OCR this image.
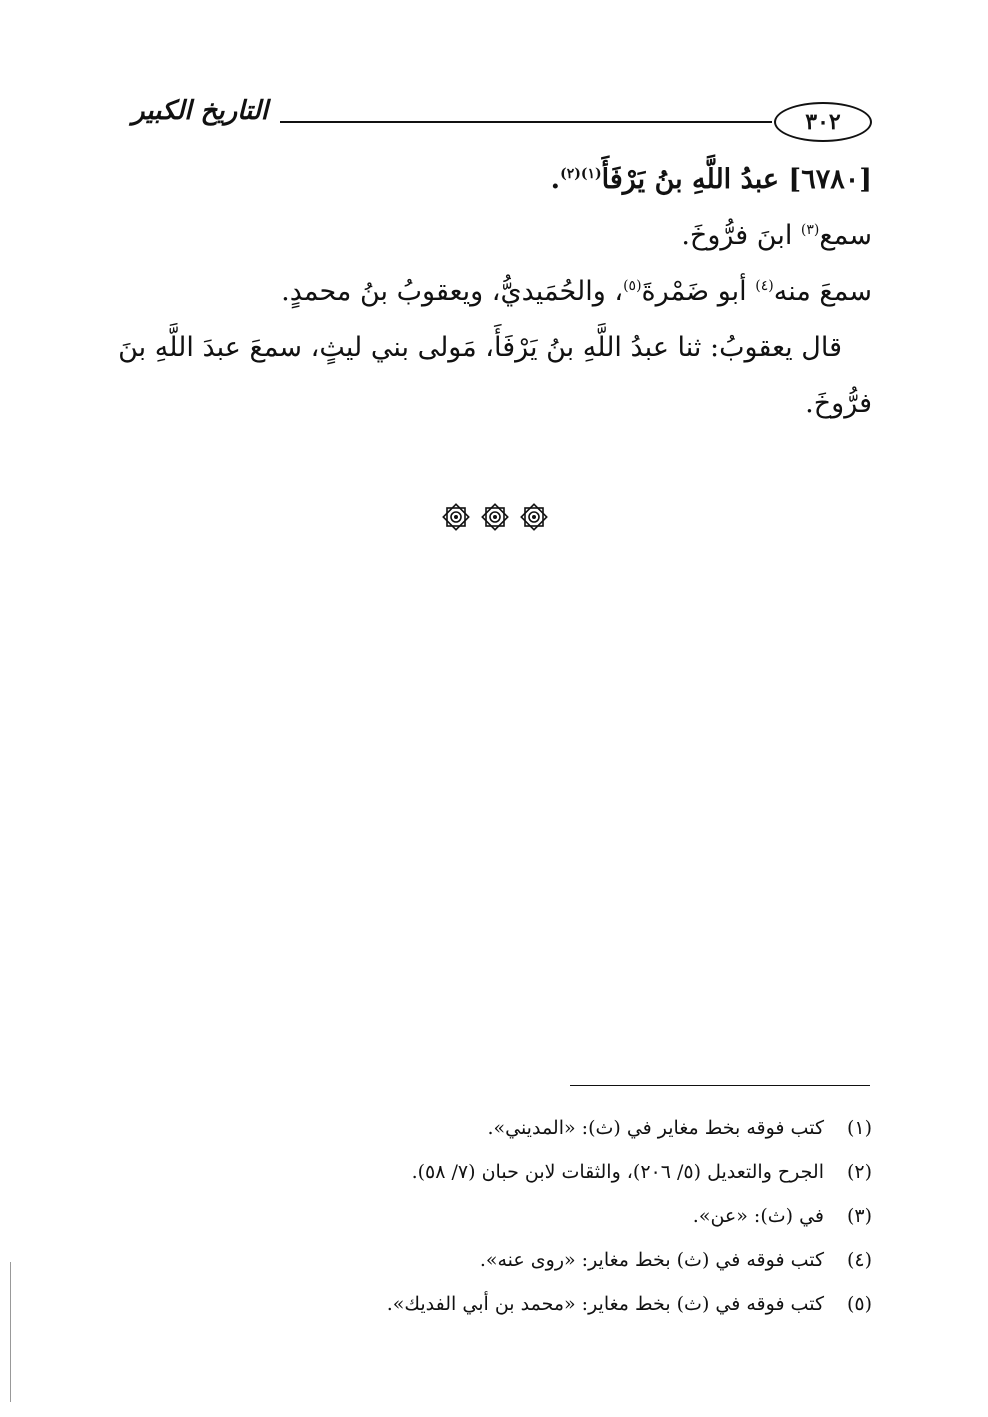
٣٠٢
التاريخ الكبير

[٦٧٨٠] عبدُ اللَّهِ بنُ يَرْفَأَ$^{(١)(٢)}$.

سمع$^{(٣)}$ ابنَ فرُّوخَ.

سمعَ منه$^{(٤)}$ أبو ضَمْرةَ$^{(٥)}$، والحُمَيديُّ، ويعقوبُ بنُ محمدٍ.

قال يعقوبُ: ثنا عبدُ اللَّهِ بنُ يَرْفَأَ، مَولى بني ليثٍ، سمعَ عبدَ اللَّهِ بنَ فرُّوخَ.

(١)
كتب فوقه بخط مغاير في (ث): «المديني».
(٢)
الجرح والتعديل (٥/ ٢٠٦)، والثقات لابن حبان (٧/ ٥٨).
(٣)
في (ث): «عن».
(٤)
كتب فوقه في (ث) بخط مغاير: «روى عنه».
(٥)
كتب فوقه في (ث) بخط مغاير: «محمد بن أبي الفديك».
